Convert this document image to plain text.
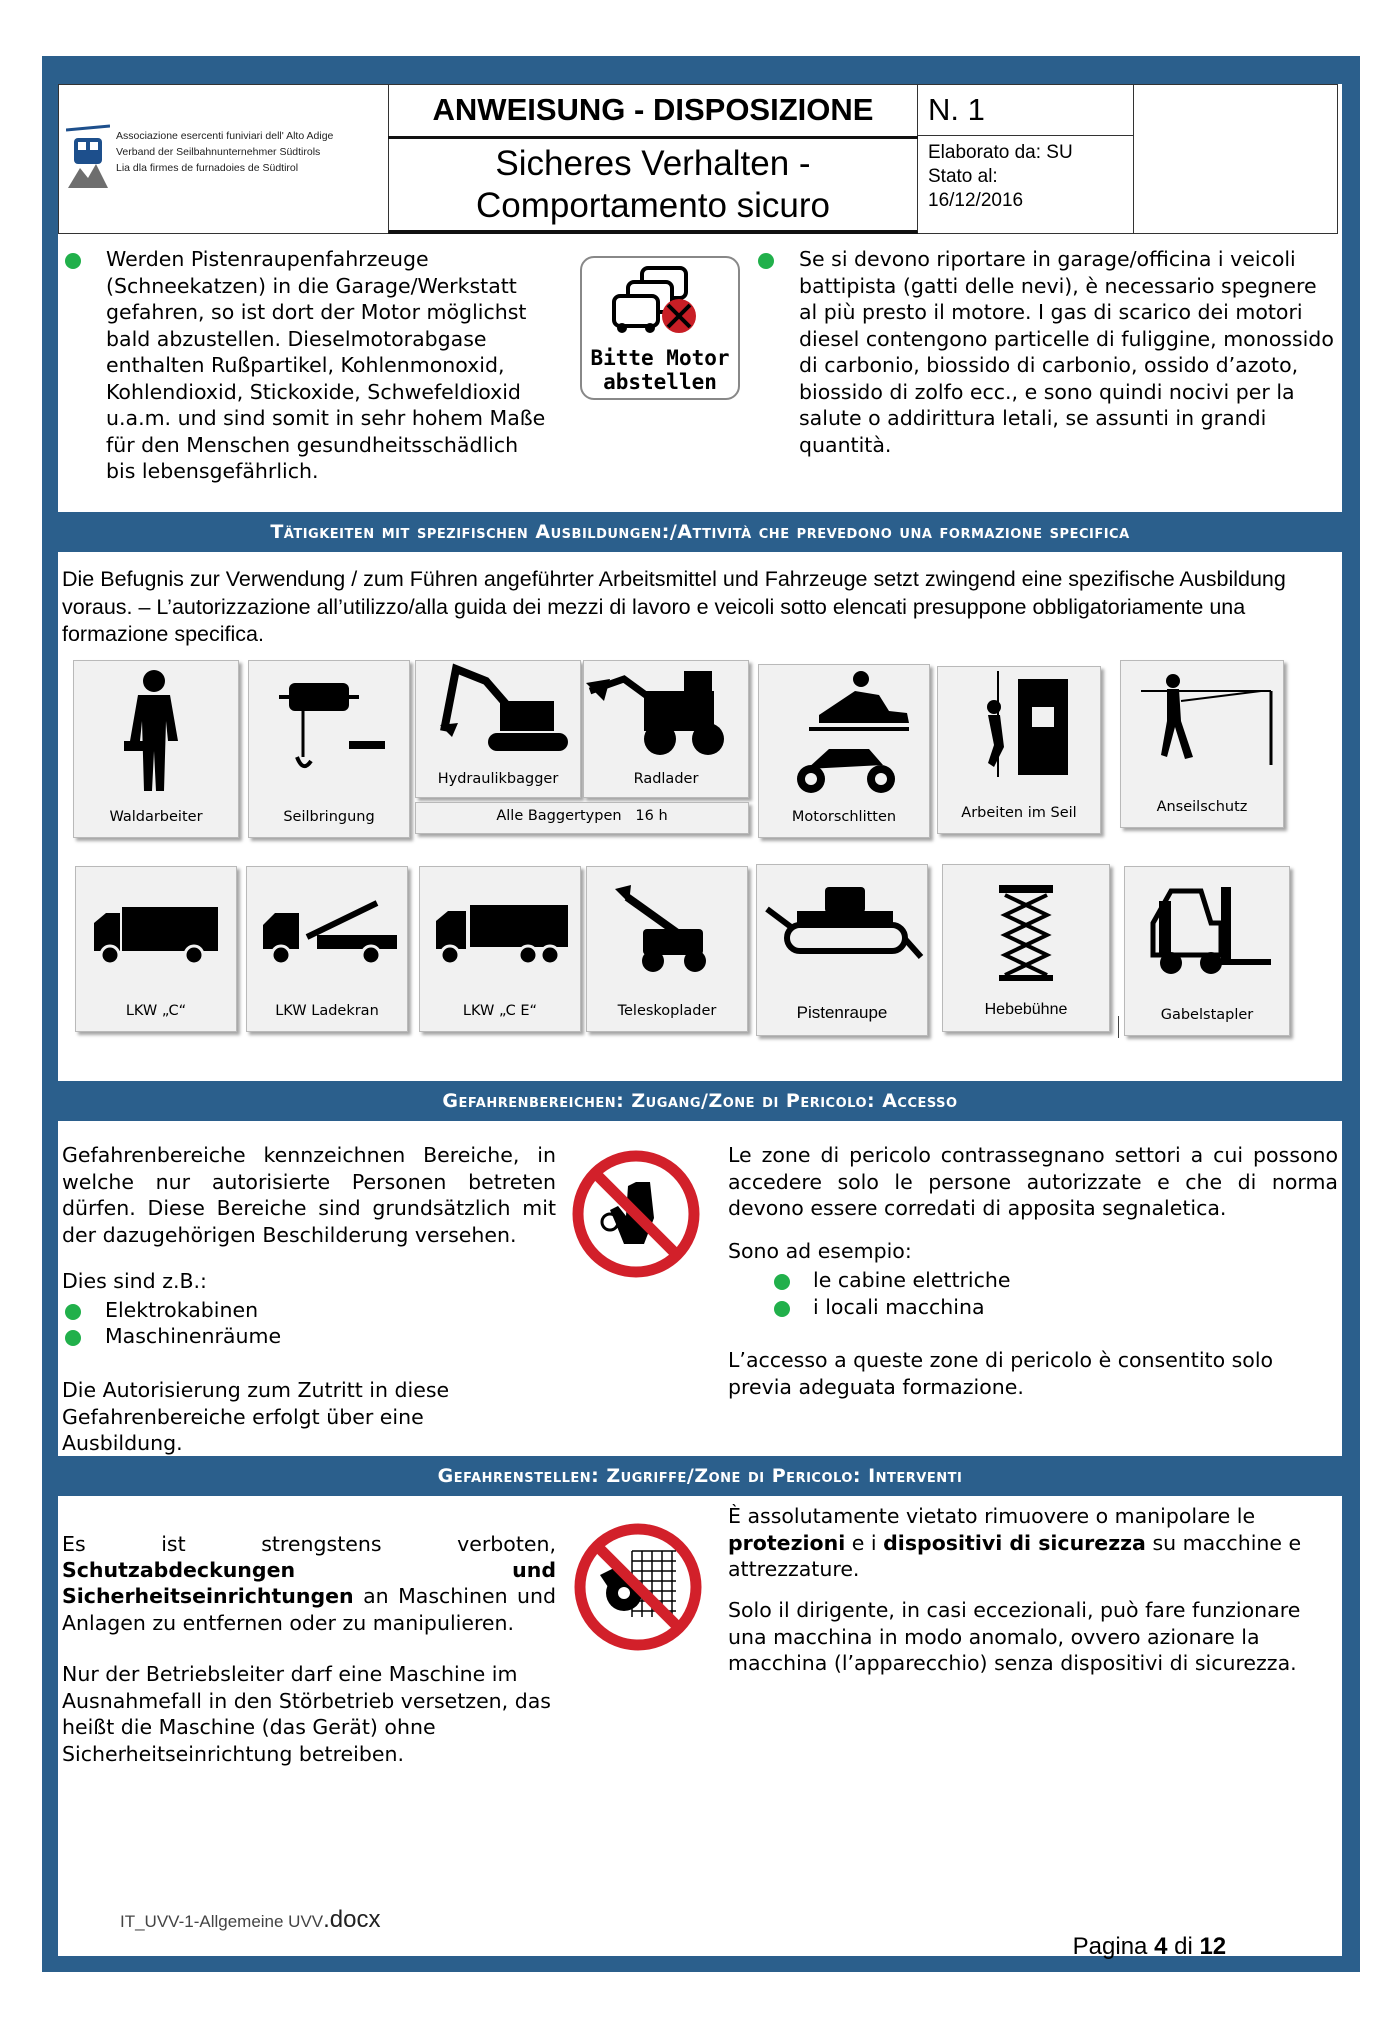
Associazione esercenti funiviari dell' Alto Adige
Verband der Seilbahnunternehmer Südtirols
Lia dla firmes de furnadoies de Südtirol
ANWEISUNG - DISPOSIZIONE
Sicheres Verhalten -
Comportamento sicuro
N. 1
Elaborato da: SU
Stato al:
16/12/2016

Werden Pistenraupenfahrzeuge (Schneekatzen) in die Garage/Werkstatt gefahren, so ist dort der Motor möglichst bald abzustellen. Dieselmotorabgase enthalten Rußpartikel, Kohlenmonoxid, Kohlendioxid, Stickoxide, Schwefeldioxid u.a.m. und sind somit in sehr hohem Maße für den Menschen gesundheitsschädlich bis lebensgefährlich.

Bitte Motor
abstellen

Se si devono riportare in garage/officina i veicoli battipista (gatti delle nevi), è necessario spegnere al più presto il motore. I gas di scarico dei motori diesel contengono particelle di fuliggine, monossido di carbonio, biossido di carbonio, ossido d’azoto, biossido di zolfo ecc., e sono quindi nocivi per la salute o addirittura letali, se assunti in grandi quantità.

Tätigkeiten mit spezifischen Ausbildungen:/Attività che prevedono una formazione specifica

Die Befugnis zur Verwendung / zum Führen angeführter Arbeitsmittel und Fahrzeuge setzt zwingend eine spezifische Ausbildung voraus. – L’autorizzazione all’utilizzo/alla guida dei mezzi di lavoro e veicoli sotto elencati presuppone obbligatoriamente una formazione specifica.

Waldarbeiter	Seilbringung
Hydraulikbagger	Radlader
Alle Baggertypen   16 h	Motorschlitten	Arbeiten im Seil	Anseilschutz
LKW „C“	LKW Ladekran	LKW „C E“	Teleskoplader	Pistenraupe	Hebebühne	Gabelstapler
Gefahrenbereichen: Zugang/Zone di Pericolo: Accesso

Gefahrenbereiche kennzeichnen Bereiche, in welche nur autorisierte Personen betreten dürfen. Diese Bereiche sind grundsätzlich mit der dazugehörigen Beschilderung versehen.

Dies sind z.B.:

Elektrokabinen

Maschinenräume

Die Autorisierung zum Zutritt in diese Gefahrenbereiche erfolgt über eine Ausbildung.

Le zone di pericolo contrassegnano settori a cui possono accedere solo le persone autorizzate e che di norma devono essere corredati di apposita segnaletica.

Sono ad esempio:

le cabine elettriche

i locali macchina

L’accesso a queste zone di pericolo è consentito solo previa adeguata formazione.

Gefahrenstellen: Zugriffe/Zone di Pericolo: Interventi

Es ist strengstens verboten,

Schutzabdeckungen	und

Sicherheitseinrichtungen an Maschinen und Anlagen zu entfernen oder zu manipulieren.

Nur der Betriebsleiter darf eine Maschine im Ausnahmefall in den Störbetrieb versetzen, das heißt die Maschine (das Gerät) ohne Sicherheitseinrichtung betreiben.

È assolutamente vietato rimuovere o manipolare le protezioni e i dispositivi di sicurezza su macchine e attrezzature.

Solo il dirigente, in casi eccezionali, può fare funzionare una macchina in modo anomalo, ovvero azionare la macchina (l’apparecchio) senza dispositivi di sicurezza.

IT_UVV-1-Allgemeine UVV.docx

Pagina 4 di 12
